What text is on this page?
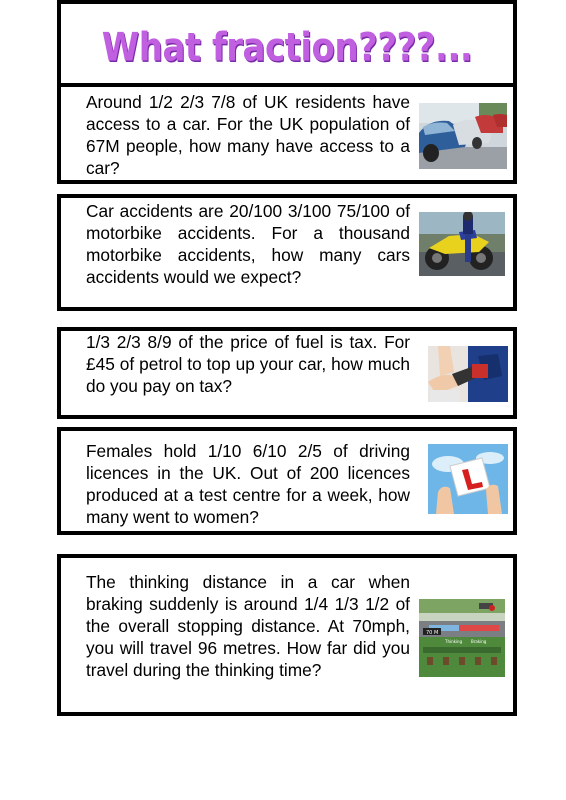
What fraction????...
Around 1/2 2/3 7/8 of UK residents have access to a car. For the UK population of 67M people, how many have access to a car?
Car accidents are 20/100 3/100 75/100 of motorbike accidents. For a thousand motorbike accidents, how many cars accidents would we expect?
1/3 2/3 8/9 of the price of fuel is tax. For £45 of petrol to top up your car, how much do you pay on tax?
Females hold 1/10 6/10 2/5 of driving licences in the UK. Out of 200 licences produced at a test centre for a week, how many went to women?
The thinking distance in a car when braking suddenly is around 1/4 1/3 1/2 of the overall stopping distance. At 70mph, you will travel 96 metres. How far did you travel during the thinking time?
70 M
Thinking Braking
